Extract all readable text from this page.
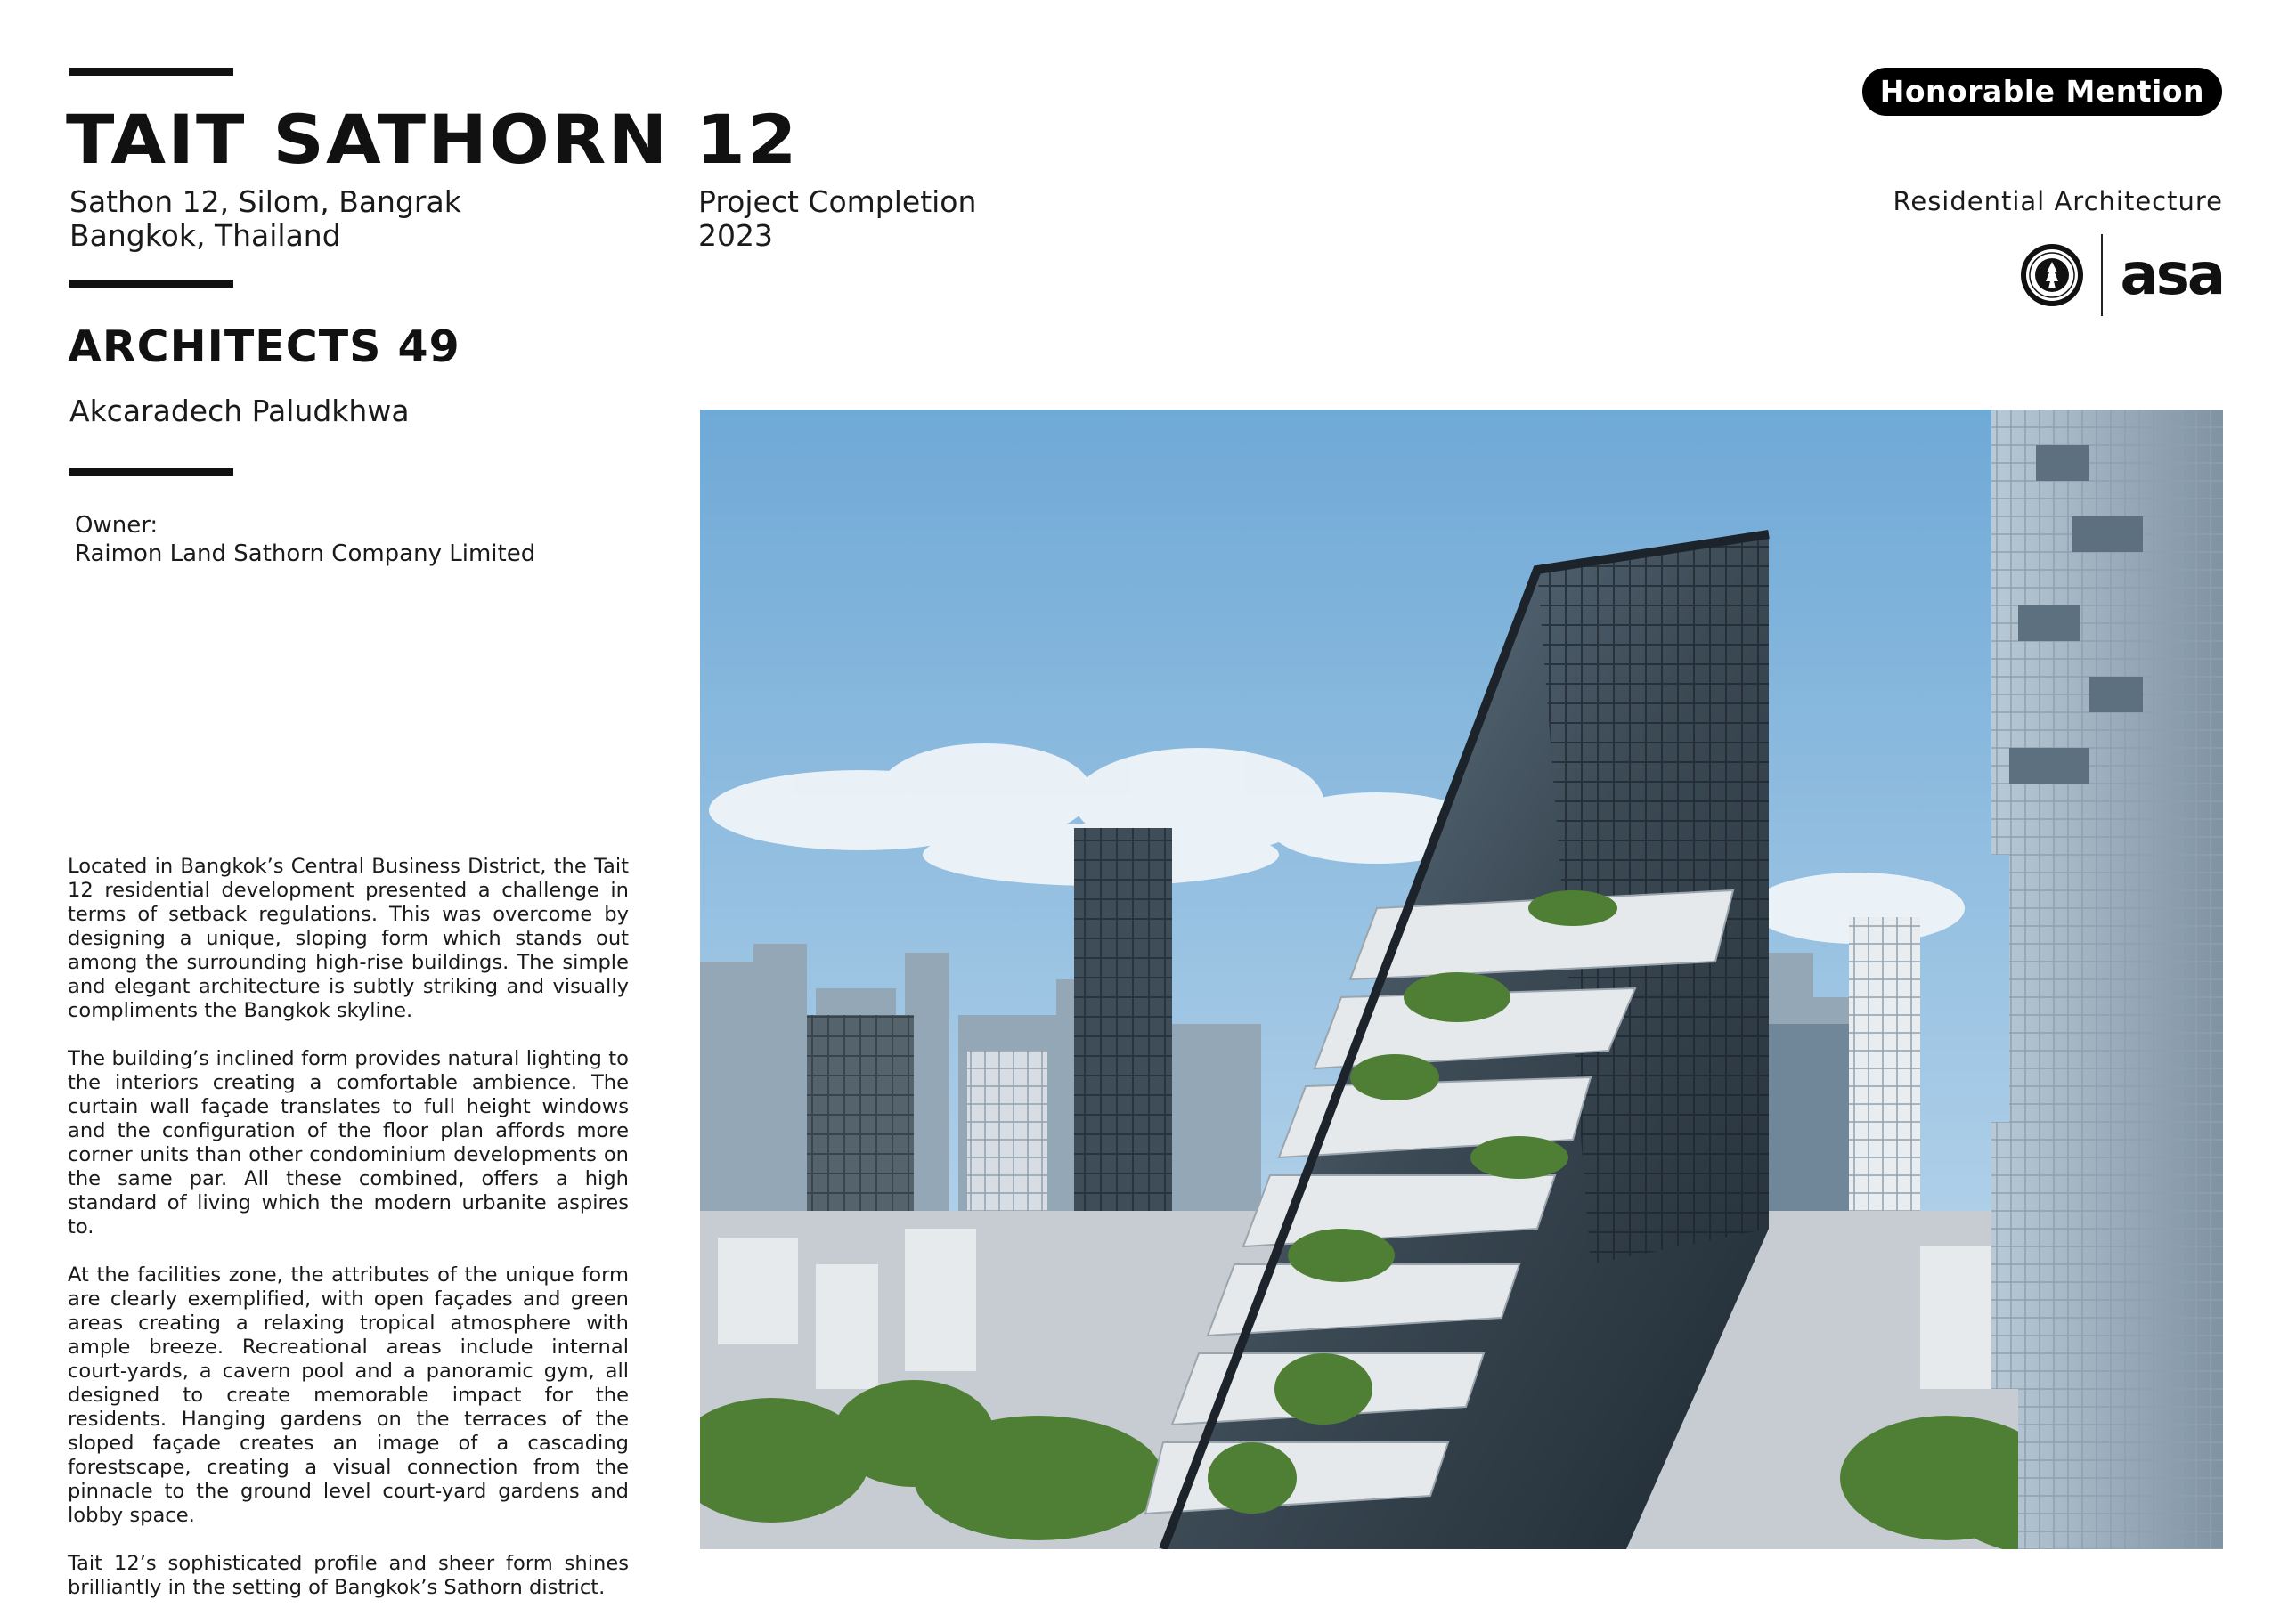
TAIT SATHORN 12
Sathon 12, Silom, Bangrak
Bangkok, Thailand
Project Completion
2023
ARCHITECTS 49
Akcaradech Paludkhwa
Owner:
Raimon Land Sathorn Company Limited

Located in Bangkok’s Central Business District, the Tait 12 residential development presented a challenge in terms of setback regulations. This was overcome by designing a unique, sloping form which stands out among the surrounding high-rise buildings. The simple and elegant architecture is subtly striking and visually compliments the Bangkok skyline.

The building’s inclined form provides natural lighting to the interiors creating a comfortable ambience. The curtain wall façade translates to full height windows and the configuration of the floor plan affords more corner units than other condominium developments on the same par. All these combined, offers a high standard of living which the modern urbanite aspires to.

At the facilities zone, the attributes of the unique form are clearly exemplified, with open façades and green areas creating a relaxing tropical atmosphere with ample breeze. Recreational areas include internal court-yards, a cavern pool and a panoramic gym, all designed to create memorable impact for the residents. Hanging gardens on the terraces of the sloped façade creates an image of a cascading forestscape, creating a visual connection from the pinnacle to the ground level court-yard gardens and lobby space.

Tait 12’s sophisticated profile and sheer form shines brilliantly in the setting of Bangkok’s Sathorn district.

Honorable Mention
Residential Architecture
asa
